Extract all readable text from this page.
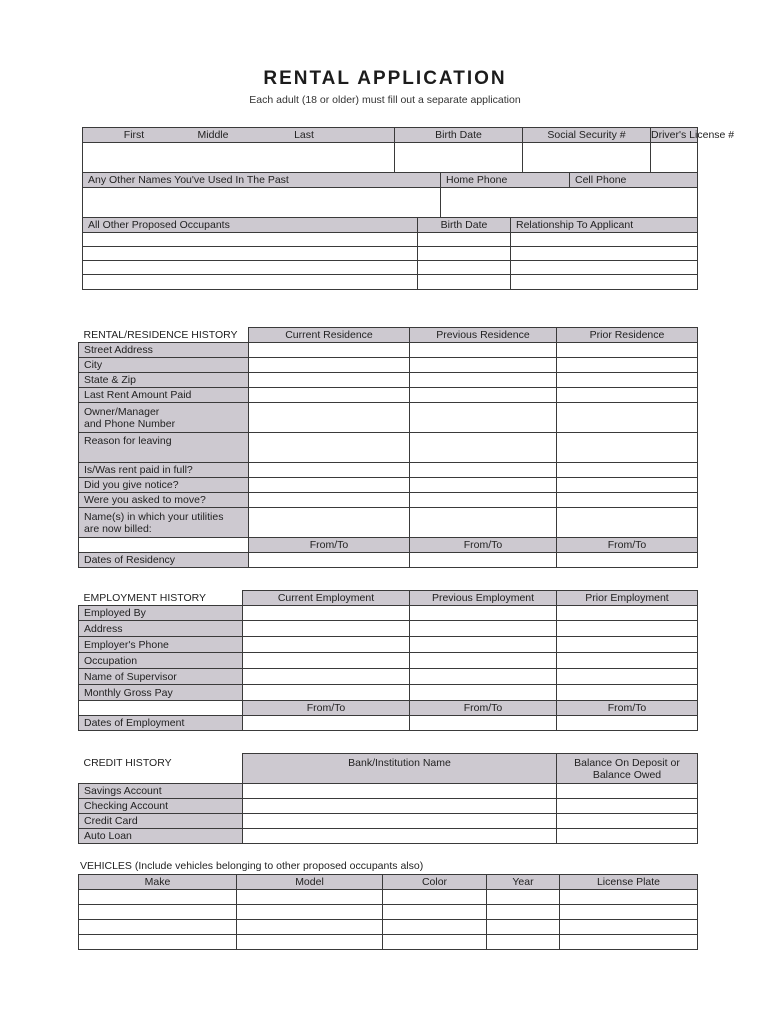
RENTAL APPLICATION
Each adult (18 or older) must fill out a separate application
First Middle Last	Birth Date		Social Security #		Driver's License #

Any Other Names You've Used In The Past		Home Phone		Cell Phone	

All Other Proposed Occupants	Birth Date	Relationship To Applicant

RENTAL/RESIDENCE HISTORY	Current Residence	Previous Residence	Prior Residence
Street Address			
City			
State & Zip			
Last Rent Amount Paid			

Owner/Manager
and Phone Number			

Reason for leaving			
Is/Was rent paid in full?			
Did you give notice?			
Were you asked to move?			

Name(s) in which your utilities
are now billed:			

	From/To	From/To	From/To
Dates of Residency			
EMPLOYMENT HISTORY	Current Employment	Previous Employment	Prior Employment
Employed By			
Address			
Employer's Phone			
Occupation			
Name of Supervisor			
Monthly Gross Pay			
	From/To	From/To	From/To
Dates of Employment			
CREDIT HISTORY	Bank/Institution Name	Balance On Deposit or
Balance Owed

Savings Account		
Checking Account		
Credit Card		
Auto Loan		
VEHICLES (Include vehicles belonging to other proposed occupants also)
Make	Model	Color	Year	License Plate
